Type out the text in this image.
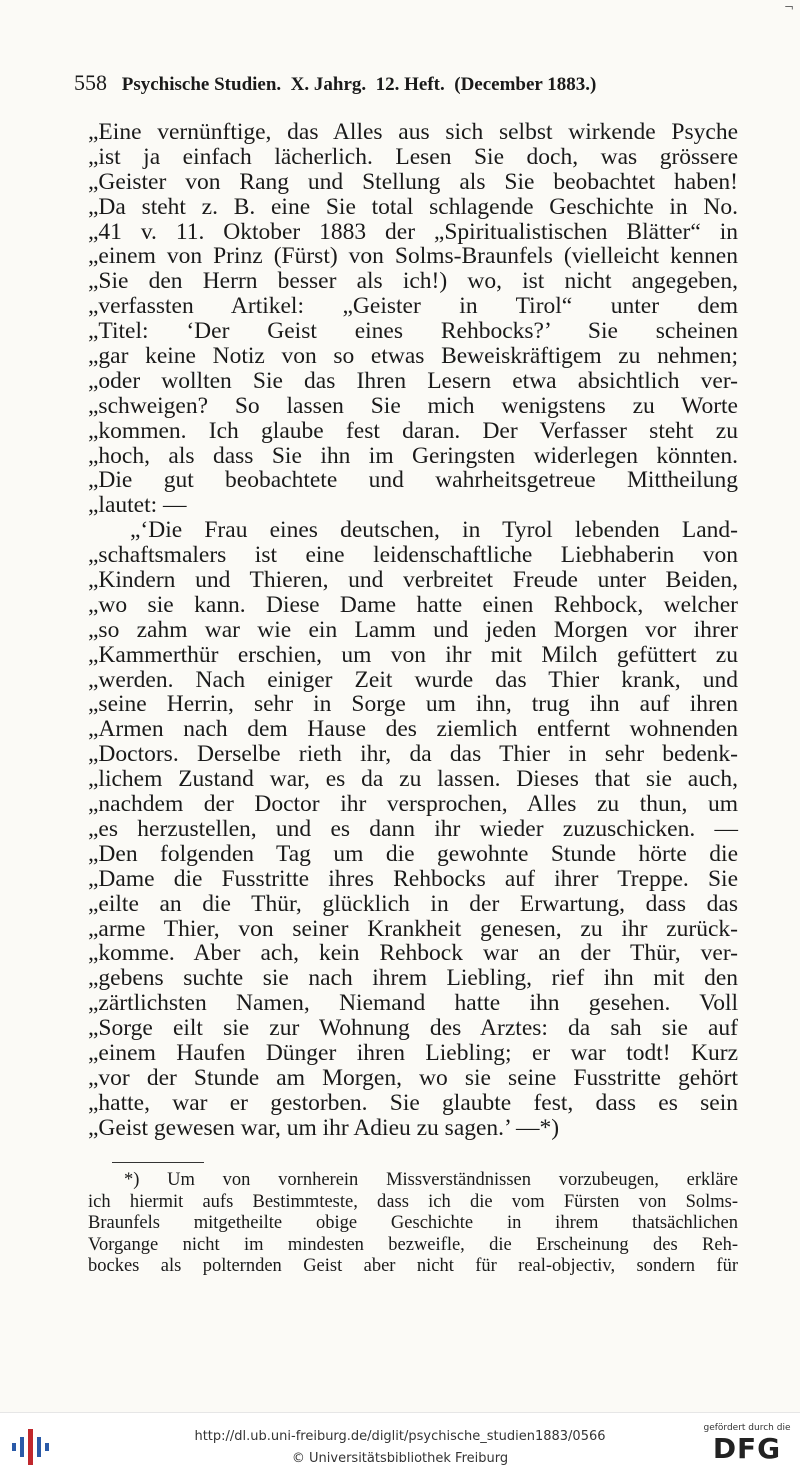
¬
558 Psychische Studien.  X. Jahrg.  12. Heft.  (December 1883.)
„Eine vernünftige, das Alles aus sich selbst wirkende Psyche
„ist ja einfach lächerlich. Lesen Sie doch, was grössere
„Geister von Rang und Stellung als Sie beobachtet haben!
„Da steht z. B. eine Sie total schlagende Geschichte in No.
„41 v. 11. Oktober 1883 der „Spiritualistischen Blätter“ in
„einem von Prinz (Fürst) von Solms-Braunfels (vielleicht kennen
„Sie den Herrn besser als ich!) wo, ist nicht angegeben,
„verfassten Artikel: „Geister in Tirol“ unter dem
„Titel: ‘Der Geist eines Rehbocks?’ Sie scheinen
„gar keine Notiz von so etwas Beweiskräftigem zu nehmen;
„oder wollten Sie das Ihren Lesern etwa absichtlich ver-
„schweigen? So lassen Sie mich wenigstens zu Worte
„kommen. Ich glaube fest daran. Der Verfasser steht zu
„hoch, als dass Sie ihn im Geringsten widerlegen könnten.
„Die gut beobachtete und wahrheitsgetreue Mittheilung
„lautet: —
„‘Die Frau eines deutschen, in Tyrol lebenden Land-
„schaftsmalers ist eine leidenschaftliche Liebhaberin von
„Kindern und Thieren, und verbreitet Freude unter Beiden,
„wo sie kann. Diese Dame hatte einen Rehbock, welcher
„so zahm war wie ein Lamm und jeden Morgen vor ihrer
„Kammerthür erschien, um von ihr mit Milch gefüttert zu
„werden. Nach einiger Zeit wurde das Thier krank, und
„seine Herrin, sehr in Sorge um ihn, trug ihn auf ihren
„Armen nach dem Hause des ziemlich entfernt wohnenden
„Doctors. Derselbe rieth ihr, da das Thier in sehr bedenk-
„lichem Zustand war, es da zu lassen. Dieses that sie auch,
„nachdem der Doctor ihr versprochen, Alles zu thun, um
„es herzustellen, und es dann ihr wieder zuzuschicken. —
„Den folgenden Tag um die gewohnte Stunde hörte die
„Dame die Fusstritte ihres Rehbocks auf ihrer Treppe. Sie
„eilte an die Thür, glücklich in der Erwartung, dass das
„arme Thier, von seiner Krankheit genesen, zu ihr zurück-
„komme. Aber ach, kein Rehbock war an der Thür, ver-
„gebens suchte sie nach ihrem Liebling, rief ihn mit den
„zärtlichsten Namen, Niemand hatte ihn gesehen. Voll
„Sorge eilt sie zur Wohnung des Arztes: da sah sie auf
„einem Haufen Dünger ihren Liebling; er war todt! Kurz
„vor der Stunde am Morgen, wo sie seine Fusstritte gehört
„hatte, war er gestorben. Sie glaubte fest, dass es sein
„Geist gewesen war, um ihr Adieu zu sagen.’ —*)
*) Um von vornherein Missverständnissen vorzubeugen, erkläre
ich hiermit aufs Bestimmteste, dass ich die vom Fürsten von Solms-
Braunfels mitgetheilte obige Geschichte in ihrem thatsächlichen
Vorgange nicht im mindesten bezweifle, die Erscheinung des Reh-
bockes als polternden Geist aber nicht für real-objectiv, sondern für
http://dl.ub.uni-freiburg.de/diglit/psychische_studien1883/0566
© Universitätsbibliothek Freiburg
gefördert durch die
DFG
